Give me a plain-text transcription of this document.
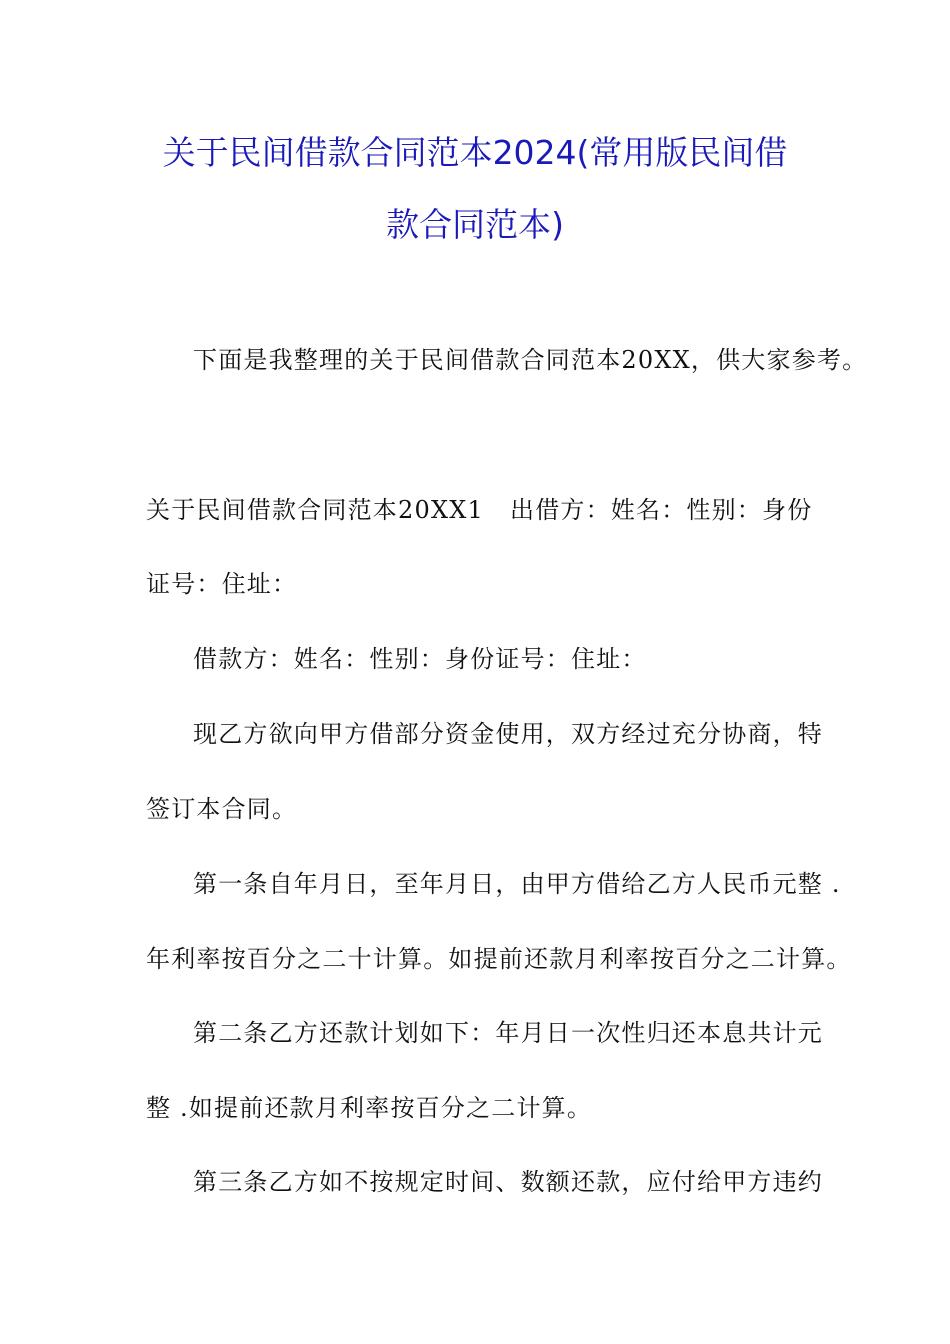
关于民间借款合同范本2024(常用版民间借
款合同范本)
下面是我整理的关于民间借款合同范本20XX，供大家参考。
关于民间借款合同范本20XX1 出借方：姓名：性别：身份
证号：住址：
借款方：姓名：性别：身份证号：住址：
现乙方欲向甲方借部分资金使用，双方经过充分协商，特
签订本合同。
第一条自年月日，至年月日，由甲方借给乙方人民币元整 .
年利率按百分之二十计算。如提前还款月利率按百分之二计算。
第二条乙方还款计划如下：年月日一次性归还本息共计元
整 .如提前还款月利率按百分之二计算。
第三条乙方如不按规定时间、数额还款，应付给甲方违约
